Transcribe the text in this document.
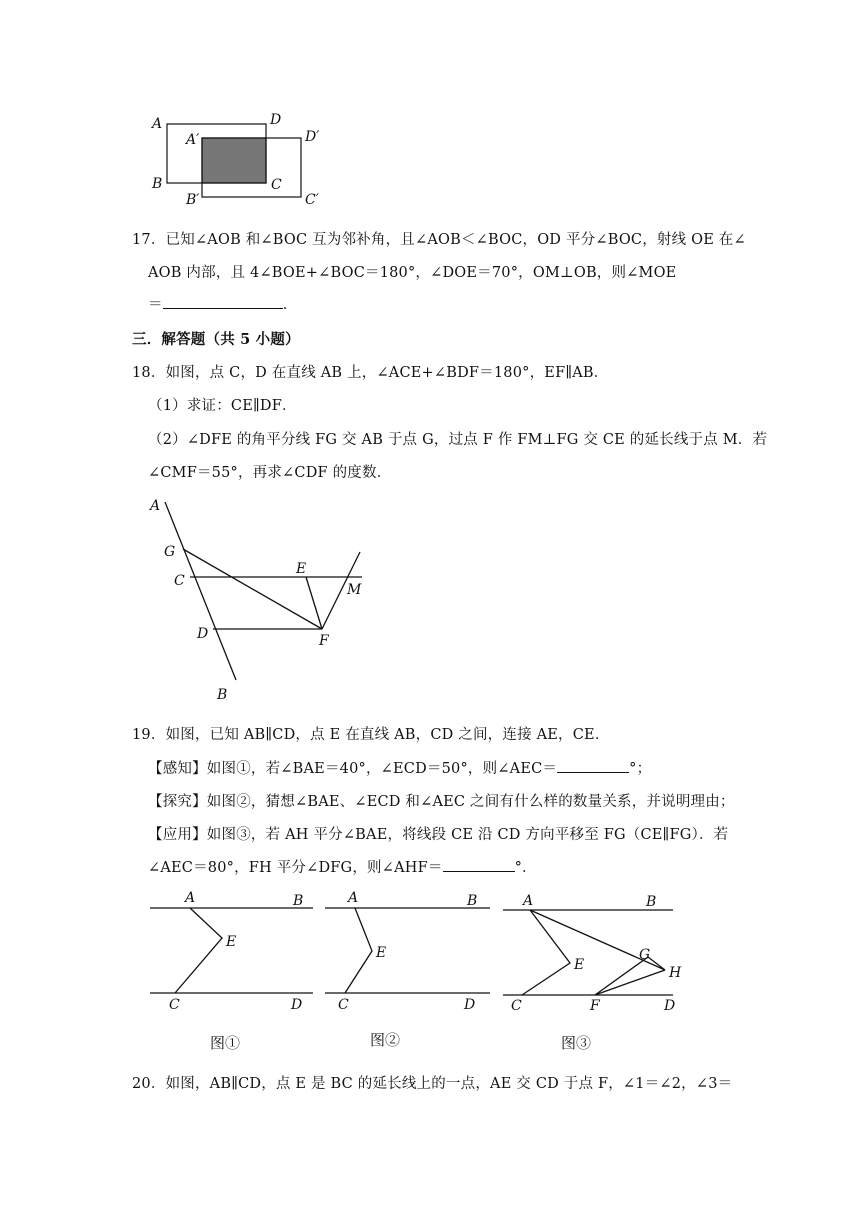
A	D
A′	D′
B	C
B′	C′
17．已知∠AOB 和∠BOC 互为邻补角，且∠AOB＜∠BOC，OD 平分∠BOC，射线 OE 在∠
AOB 内部，且 4∠BOE+∠BOC＝180°，∠DOE＝70°，OM⊥OB，则∠MOE
＝	．
三．解答题（共 5 小题）
18．如图，点 C，D 在直线 AB 上，∠ACE+∠BDF＝180°，EF∥AB．
（1）求证：CE∥DF．
（2）∠DFE 的角平分线 FG 交 AB 于点 G，过点 F 作 FM⊥FG 交 CE 的延长线于点 M．若
∠CMF＝55°，再求∠CDF 的度数．
A
G
C
E
M
D	F
B
19．如图，已知 AB∥CD，点 E 在直线 AB，CD 之间，连接 AE，CE．
【感知】如图①，若∠BAE＝40°，∠ECD＝50°，则∠AEC＝	°；
【探究】如图②，猜想∠BAE、∠ECD 和∠AEC 之间有什么样的数量关系，并说明理由；
【应用】如图③，若 AH 平分∠BAE，将线段 CE 沿 CD 方向平移至 FG（CE∥FG）．若
∠AEC＝80°，FH 平分∠DFG，则∠AHF＝	°．
A	B
E
C	D
图①
A	B
E
C	D
图②
A	B
E
G
H
C	F	D
图③
20．如图，AB∥CD，点 E 是 BC 的延长线上的一点，AE 交 CD 于点 F，∠1＝∠2，∠3＝
